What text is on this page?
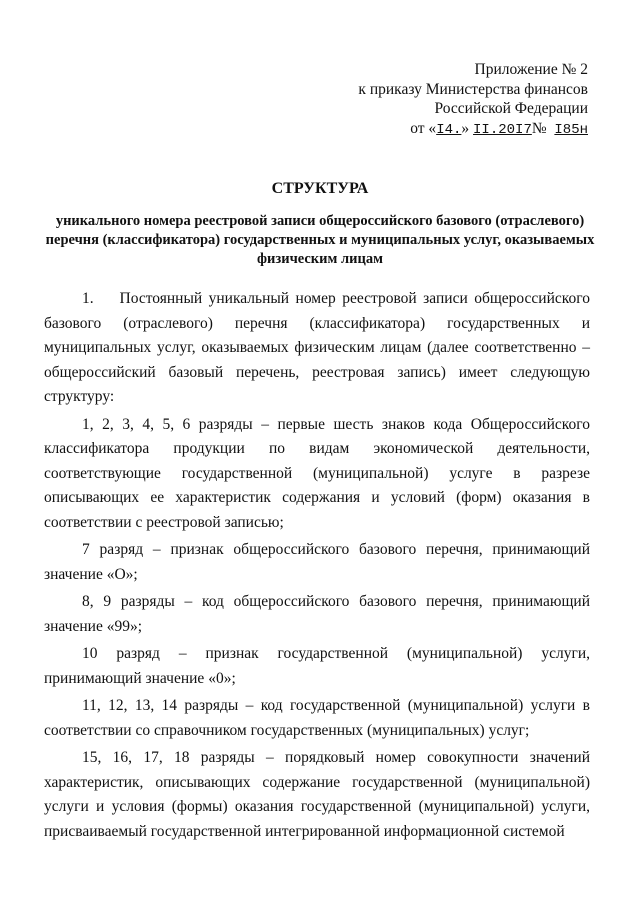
Приложение № 2
к приказу Министерства финансов
Российской Федерации
от «I4.» II.20I7№ I85н
СТРУКТУРА
уникального номера реестровой записи общероссийского базового (отраслевого) перечня (классификатора) государственных и муниципальных услуг, оказываемых физическим лицам

1.    Постоянный уникальный номер реестровой записи общероссийского базового (отраслевого) перечня (классификатора) государственных и муниципальных услуг, оказываемых физическим лицам (далее соответственно – общероссийский базовый перечень, реестровая запись) имеет следующую структуру:

1, 2, 3, 4, 5, 6 разряды – первые шесть знаков кода Общероссийского классификатора продукции по видам экономической деятельности, соответствующие государственной (муниципальной) услуге в разрезе описывающих ее характеристик содержания и условий (форм) оказания в соответствии с реестровой записью;

7 разряд – признак общероссийского базового перечня, принимающий значение «О»;

8, 9 разряды – код общероссийского базового перечня, принимающий значение «99»;

10 разряд – признак государственной (муниципальной) услуги, принимающий значение «0»;

11, 12, 13, 14 разряды – код государственной (муниципальной) услуги в соответствии со справочником государственных (муниципальных) услуг;

15, 16, 17, 18 разряды – порядковый номер совокупности значений характеристик, описывающих содержание государственной (муниципальной) услуги и условия (формы) оказания государственной (муниципальной) услуги, присваиваемый государственной интегрированной информационной системой
